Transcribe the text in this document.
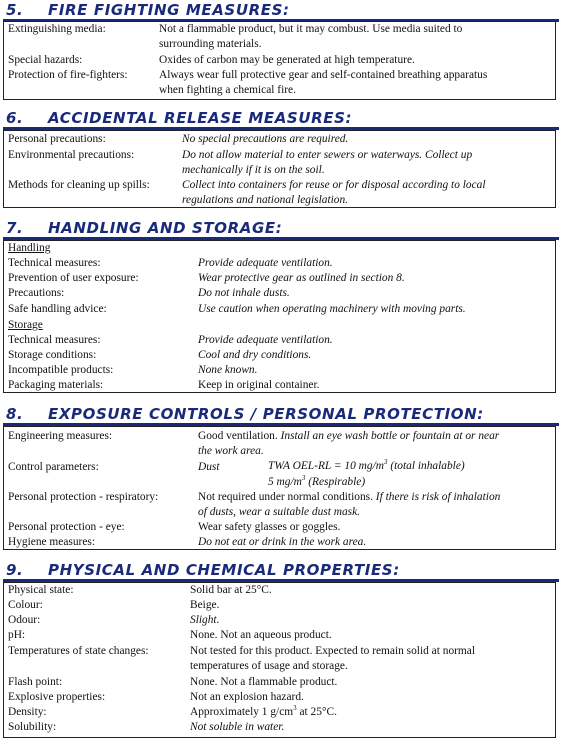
5. FIRE FIGHTING MEASURES:
Extinguishing media:	Not a flammable product, but it may combust. Use media suited to
surrounding materials.
Special hazards:	Oxides of carbon may be generated at high temperature.
Protection of fire-fighters:	Always wear full protective gear and self-contained breathing apparatus
when fighting a chemical fire.
6. ACCIDENTAL RELEASE MEASURES:
Personal precautions:	No special precautions are required.
Environmental precautions:	Do not allow material to enter sewers or waterways. Collect up
mechanically if it is on the soil.
Methods for cleaning up spills:	Collect into containers for reuse or for disposal according to local
regulations and national legislation.
7. HANDLING AND STORAGE:
Handling
Technical measures:	Provide adequate ventilation.
Prevention of user exposure:	Wear protective gear as outlined in section 8.
Precautions:	Do not inhale dusts.
Safe handling advice:	Use caution when operating machinery with moving parts.
Storage
Technical measures:	Provide adequate ventilation.
Storage conditions:	Cool and dry conditions.
Incompatible products:	None known.
Packaging materials:	Keep in original container.
8. EXPOSURE CONTROLS / PERSONAL PROTECTION:
Engineering measures:	Good ventilation. Install an eye wash bottle or fountain at or near
the work area.
Control parameters:	Dust	TWA OEL-RL = 10 $mg/m^3$ (total inhalable)
5 $mg/m^3$ (Respirable)
Personal protection - respiratory:	Not required under normal conditions. If there is risk of inhalation
of dusts, wear a suitable dust mask.
Personal protection - eye:	Wear safety glasses or goggles.
Hygiene measures:	Do not eat or drink in the work area.
9. PHYSICAL AND CHEMICAL PROPERTIES:
Physical state:	Solid bar at 25°C.
Colour:	Beige.
Odour:	Slight.
pH:	None. Not an aqueous product.
Temperatures of state changes:	Not tested for this product. Expected to remain solid at normal
temperatures of usage and storage.
Flash point:	None. Not a flammable product.
Explosive properties:	Not an explosion hazard.
Density:	Approximately 1 $g/cm^3$ at 25°C.
Solubility:	Not soluble in water.
